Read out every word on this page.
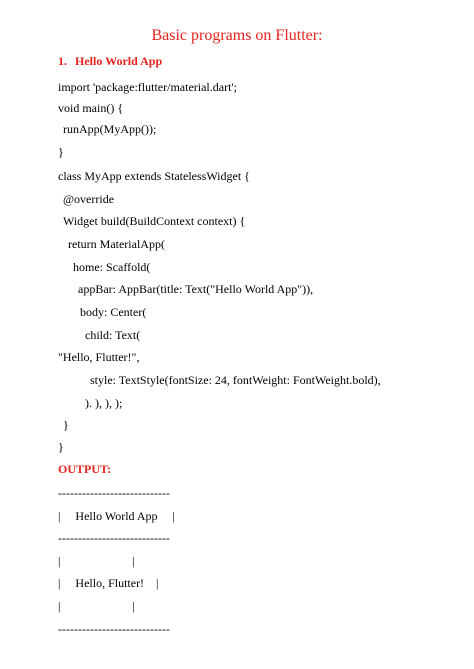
Basic programs on Flutter:
1. Hello World App
import 'package:flutter/material.dart';
void main() {
runApp(MyApp());
}
class MyApp extends StatelessWidget {
@override
Widget build(BuildContext context) {
return MaterialApp(
home: Scaffold(
appBar: AppBar(title: Text("Hello World App")),
body: Center(
child: Text(
"Hello, Flutter!",
style: TextStyle(fontSize: 24, fontWeight: FontWeight.bold),
). ), ), );
}
}
OUTPUT:
----------------------------
|     Hello World App     |
----------------------------
|                        |
|     Hello, Flutter!    |
|                        |
----------------------------
